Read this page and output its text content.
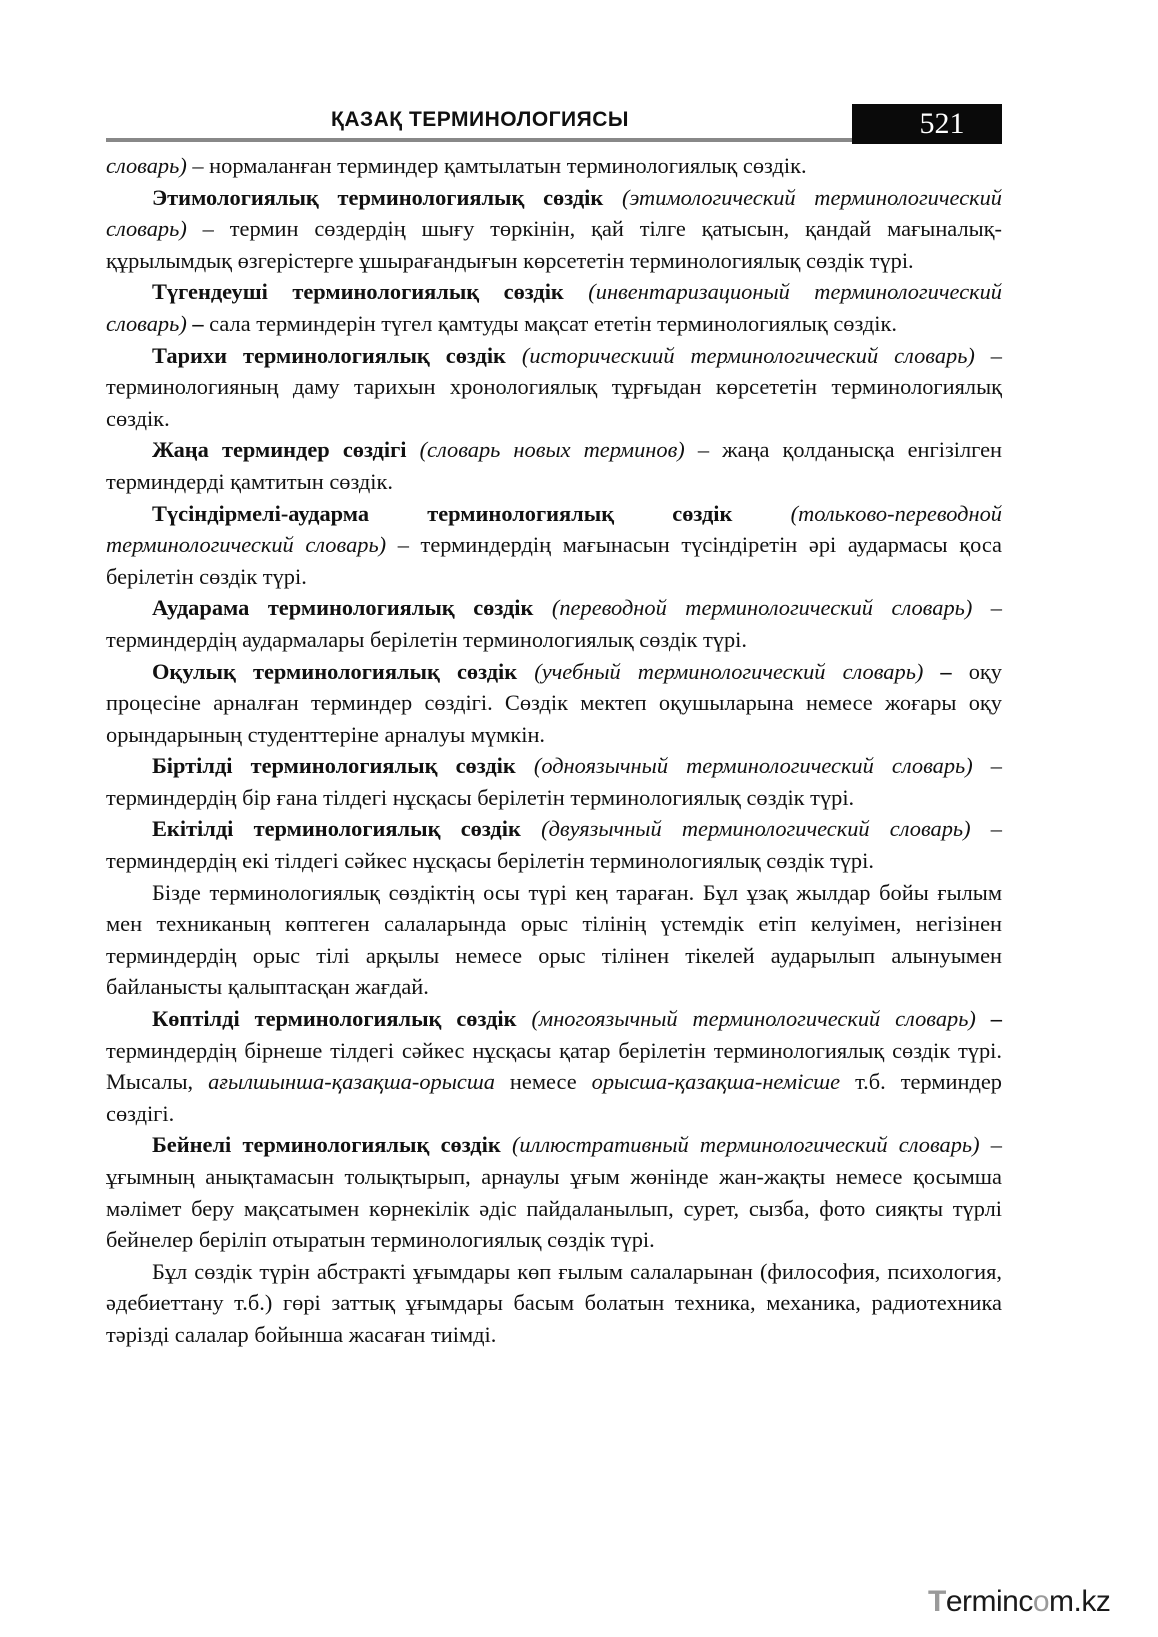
ҚАЗАҚ ТЕРМИНОЛОГИЯСЫ	521

словарь) – нормаланған терминдер қамтылатын терминологиялық сөздік.

Этимологиялық терминологиялық сөздік (этимологический терминологический словарь) – термин сөздердің шығу төркінін, қай тілге қатысын, қандай мағыналық-құрылымдық өзгерістерге ұшырағандығын көрсететін терминологиялық сөздік түрі.

Түгендеуші терминологиялық сөздік (инвентаризационый терминологический словарь) – сала терминдерін түгел қамтуды мақсат ететін терминологиялық сөздік.

Тарихи терминологиялық сөздік (историческиий терминологический словарь) – терминологияның даму тарихын хронологиялық тұрғыдан көрсететін терминологиялық сөздік.

Жаңа терминдер сөздігі (словарь новых терминов) – жаңа қолданысқа енгізілген терминдерді қамтитын сөздік.

Түсіндірмелі-аударма терминологиялық сөздік	(толькoво-переводной терминологический словарь) – терминдердің мағынасын түсіндіретін әрі аудармасы қоса берілетін сөздік түрі.

Аударама терминологиялық сөздік (переводной терминологический словарь) – терминдердің аудармалары берілетін терминологиялық сөздік түрі.

Оқулық терминологиялық сөздік (учебный терминологический словарь) – оқу процесіне арналған терминдер сөздігі. Сөздік мектеп оқушыларына немесе жоғары оқу орындарының студенттеріне арналуы мүмкін.

Біртілді терминологиялық сөздік (одноязычный терминологический словарь) – терминдердің бір ғана тілдегі нұсқасы берілетін терминологиялық сөздік түрі.

Екітілді терминологиялық сөздік (двуязычный терминологический словарь) – терминдердің екі тілдегі сәйкес нұсқасы берілетін терминологиялық сөздік түрі.

Бізде терминологиялық сөздіктің осы түрі кең тараған. Бұл ұзақ жылдар бойы ғылым мен техниканың көптеген салаларында орыс тілінің үстемдік етіп келуімен, негізінен терминдердің орыс тілі арқылы немесе орыс тілінен тікелей аударылып алынуымен байланысты қалыптасқан жағдай.

Көптілді терминологиялық сөздік (многоязычный терминологический словарь) – терминдердің бірнеше тілдегі сәйкес нұсқасы қатар берілетін терминологиялық сөздік түрі. Мысалы, ағылшынша-қазақша-орысша немесе орысша-қазақша-немісше т.б. терминдер сөздігі.

Бейнелі терминологиялық сөздік (иллюстративный терминологический словарь) – ұғымның анықтамасын толықтырып, арнаулы ұғым жөнінде жан-жақты немесе қосымша мәлімет беру мақсатымен көрнекілік әдіс пайдаланылып, сурет, сызба, фото сияқты түрлі бейнелер беріліп отыратын терминологиялық сөздік түрі.

Бұл сөздік түрін абстракті ұғымдары көп ғылым салаларынан (философия, психология, әдебиеттану т.б.) гөрі заттық ұғымдары басым болатын техника, механика, радиотехника тәрізді салалар бойынша жасаған тиімді.

Termincom.kz
